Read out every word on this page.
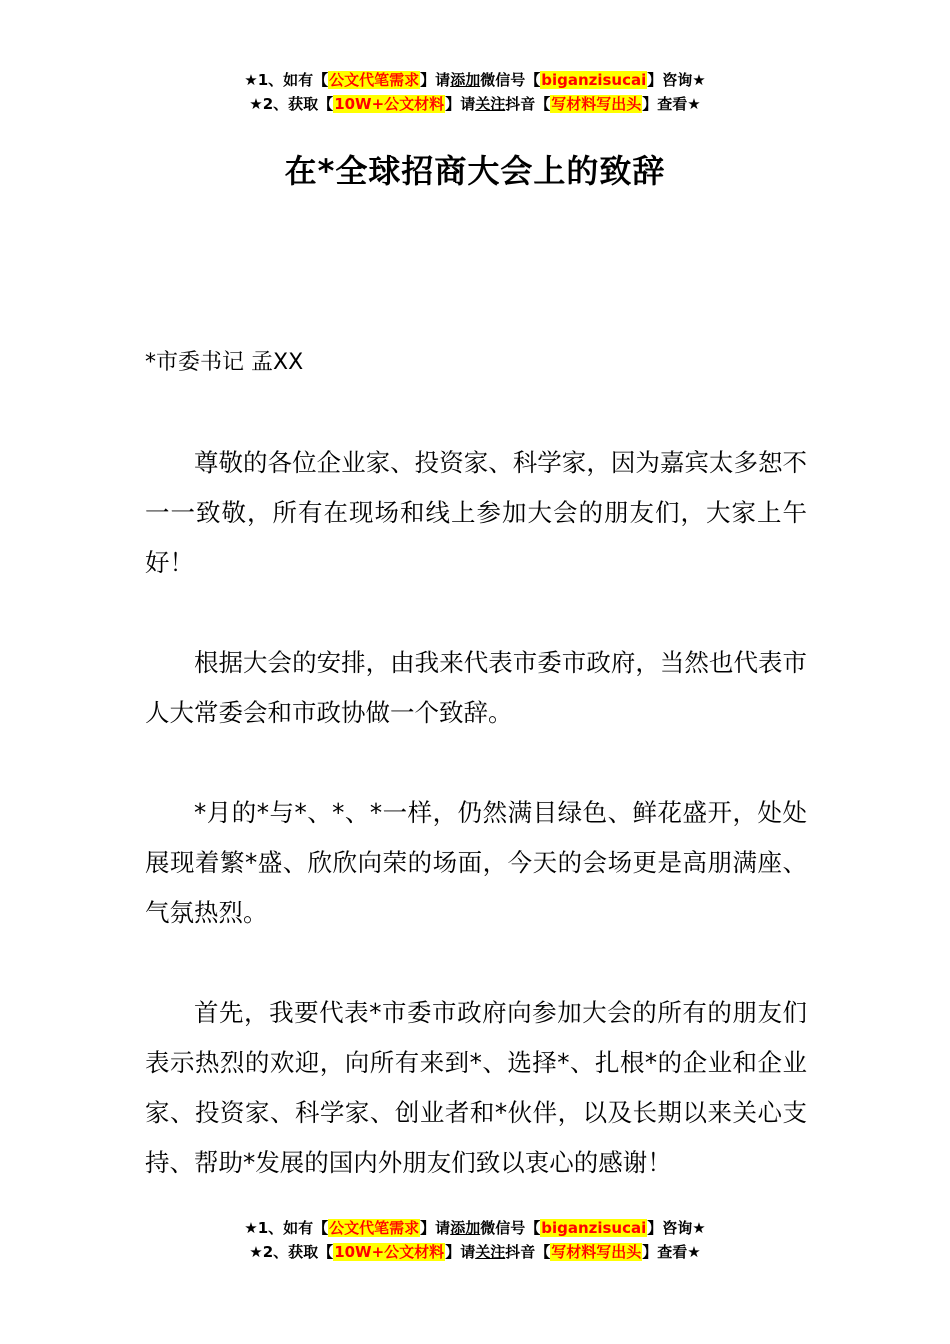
★1、如有【公文代笔需求】请添加微信号【biganzisucai】咨询★
★2、获取【10W+公文材料】请关注抖音【写材料写出头】查看★
在*全球招商大会上的致辞
*市委书记 孟XX

尊敬的各位企业家、投资家、科学家，因为嘉宾太多恕不一一致敬，所有在现场和线上参加大会的朋友们，大家上午好！

根据大会的安排，由我来代表市委市政府，当然也代表市人大常委会和市政协做一个致辞。

*月的*与*、*、*一样，仍然满目绿色、鲜花盛开，处处展现着繁*盛、欣欣向荣的场面，今天的会场更是高朋满座、气氛热烈。

首先，我要代表*市委市政府向参加大会的所有的朋友们表示热烈的欢迎，向所有来到*、选择*、扎根*的企业和企业家、投资家、科学家、创业者和*伙伴，以及长期以来关心支持、帮助*发展的国内外朋友们致以衷心的感谢！

★1、如有【公文代笔需求】请添加微信号【biganzisucai】咨询★
★2、获取【10W+公文材料】请关注抖音【写材料写出头】查看★
